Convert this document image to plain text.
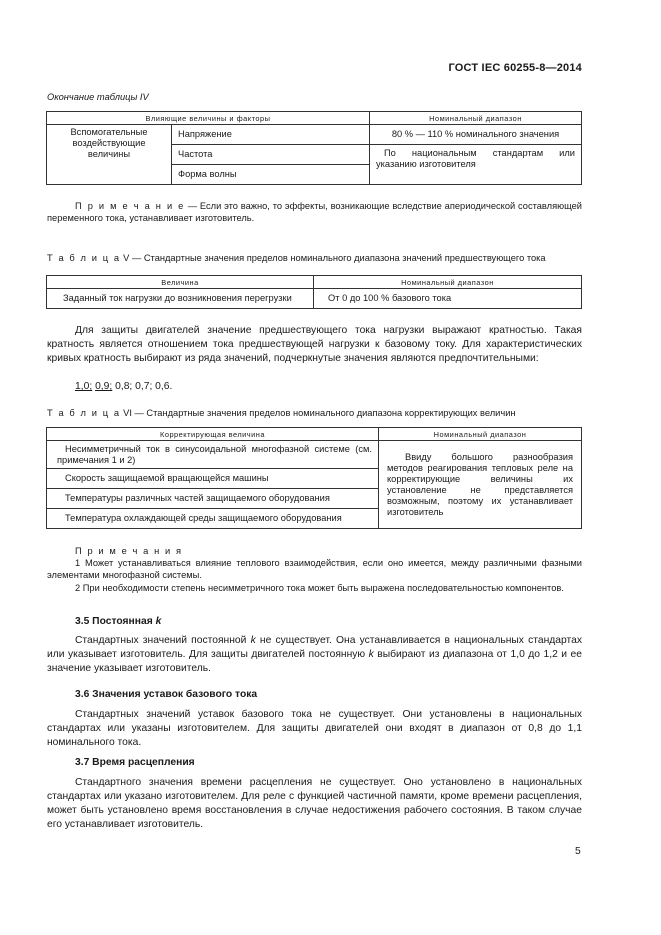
ГОСТ IEC 60255-8—2014
Окончание таблицы IV
Влияющие величины и факторы		Номинальный диапазон
Вспомогательные воздействующие величины	Напряжение	80 % — 110 % номинального значения
	Частота	По национальным стандартам или указанию изготовителя
	Форма волны	
П р и м е ч а н и е — Если это важно, то эффекты, возникающие вследствие апериодической составляющей переменного тока, устанавливает изготовитель.
Т а б л и ц а V — Стандартные значения пределов номинального диапазона значений предшествующего тока
Величина	Номинальный диапазон
Заданный ток нагрузки до возникновения перегрузки	От 0 до 100 % базового тока
Для защиты двигателей значение предшествующего тока нагрузки выражают кратностью. Такая кратность является отношением тока предшествующей нагрузки к базовому току. Для характеристических кривых кратность выбирают из ряда значений, подчеркнутые значения являются предпочтительными:
1,0; 0,9; 0,8; 0,7; 0,6.
Т а б л и ц а VI — Стандартные значения пределов номинального диапазона корректирующих величин
Корректирующая величина	Номинальный диапазон
Несимметричный ток в синусоидальной многофазной системе (см. примечания 1 и 2)	Ввиду большого разнообразия методов реагирования тепловых реле на корректирующие величины их установление не представляется возможным, поэтому их устанавливает изготовитель
Скорость защищаемой вращающейся машины	
Температуры различных частей защищаемого оборудования	
Температура охлаждающей среды защищаемого оборудования	
П р и м е ч а н и я
1 Может устанавливаться влияние теплового взаимодействия, если оно имеется, между различными фазными элементами многофазной системы.
2 При необходимости степень несимметричного тока может быть выражена последовательностью компонентов.
3.5 Постоянная k
Стандартных значений постоянной k не существует. Она устанавливается в национальных стандартах или указывает изготовитель. Для защиты двигателей постоянную k выбирают из диапазона от 1,0 до 1,2 и ее значение указывает изготовитель.
3.6 Значения уставок базового тока
Стандартных значений уставок базового тока не существует. Они установлены в национальных стандартах или указаны изготовителем. Для защиты двигателей они входят в диапазон от 0,8 до 1,1 номинального тока.
3.7 Время расцепления
Стандартного значения времени расцепления не существует. Оно установлено в национальных стандартах или указано изготовителем. Для реле с функцией частичной памяти, кроме времени расцепления, может быть установлено время восстановления в случае недостижения рабочего состояния. В таком случае его устанавливает изготовитель.
5
